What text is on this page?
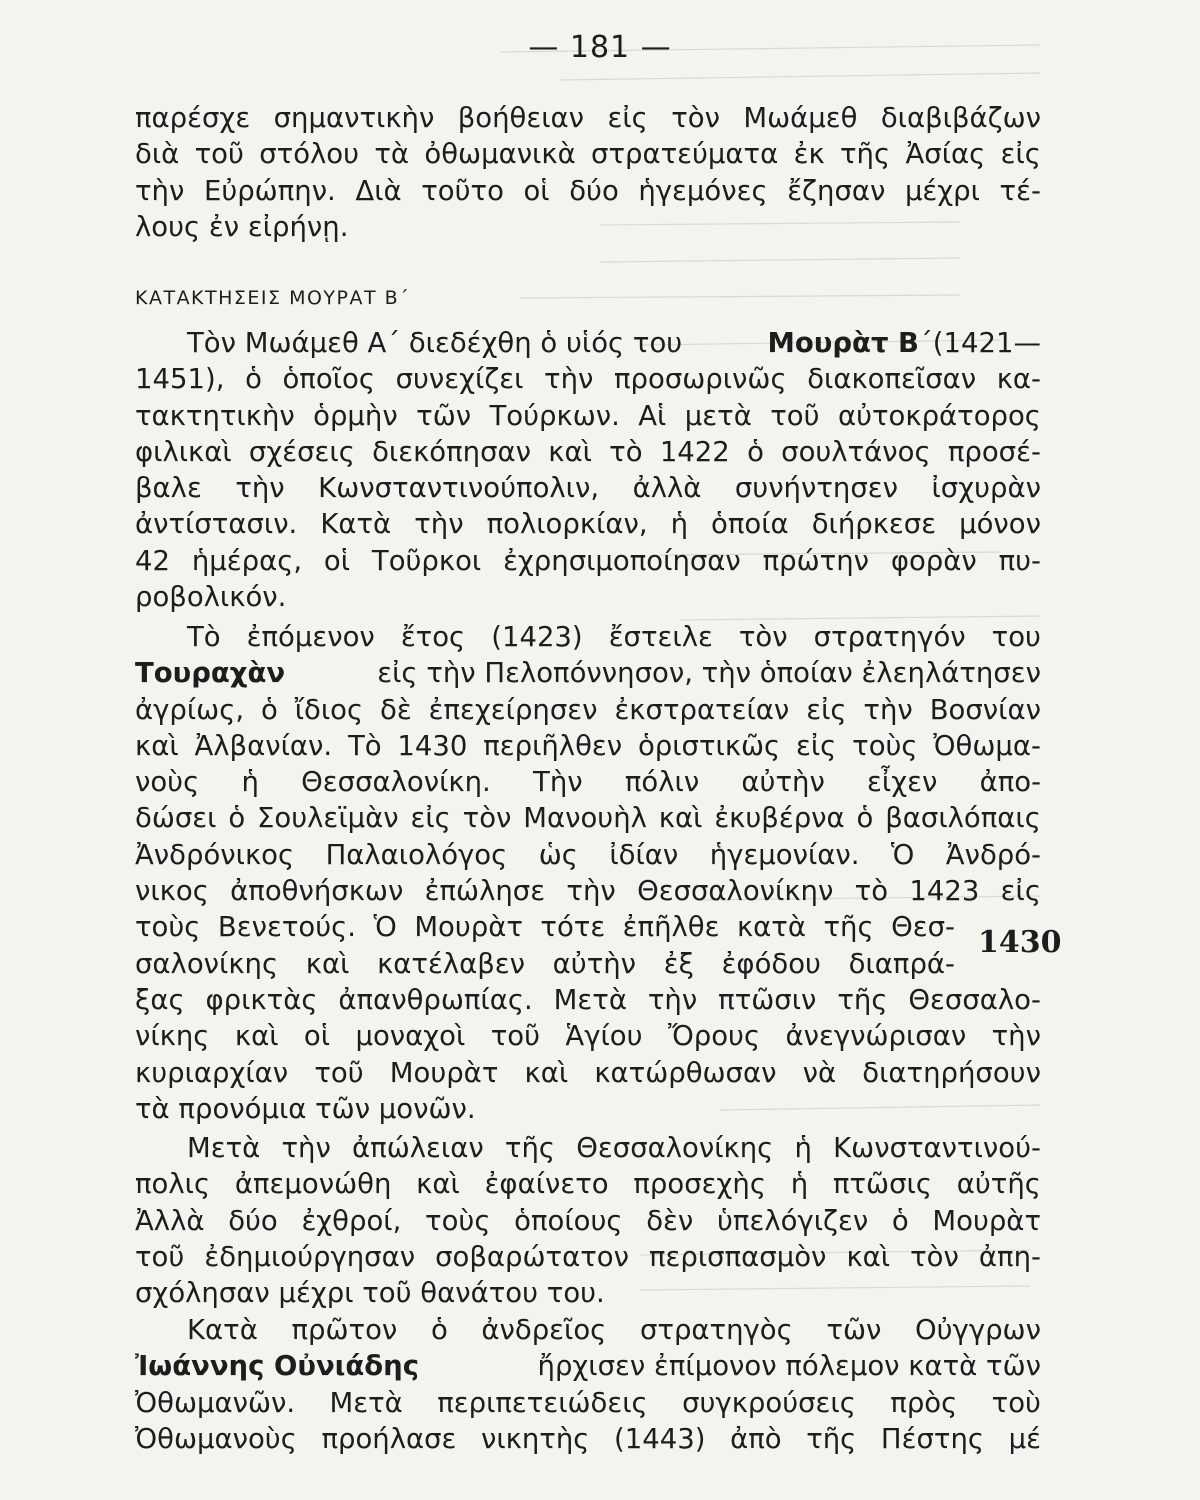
— 181 —
ΚΑΤΑΚΤΗΣΕΙΣ ΜΟΥΡΑΤ Β΄
1430
παρέσχε σημαντικὴν βοήθειαν εἰς τὸν Μωάμεθ διαβιβάζων
διὰ τοῦ στόλου τὰ ὀθωμανικὰ στρατεύματα ἐκ τῆς Ἀσίας εἰς
τὴν Εὐρώπην. Διὰ τοῦτο οἱ δύο ἡγεμόνες ἔζησαν μέχρι τέ-
λους ἐν εἰρήνῃ.
Τὸν Μωάμεθ Α΄ διεδέχθη ὁ υἱός του	Μουρὰτ Β΄(1421—
1451), ὁ ὁποῖος συνεχίζει τὴν προσωρινῶς διακοπεῖσαν κα-
τακτητικὴν ὁρμὴν τῶν Τούρκων. Αἱ μετὰ τοῦ αὐτοκράτορος
φιλικαὶ σχέσεις διεκόπησαν καὶ τὸ 1422 ὁ σουλτάνος προσέ-
βαλε τὴν Κωνσταντινούπολιν, ἀλλὰ συνήντησεν ἰσχυρὰν
ἀντίστασιν. Κατὰ τὴν πολιορκίαν, ἡ ὁποία διήρκεσε μόνον
42 ἡμέρας, οἱ Τοῦρκοι ἐχρησιμοποίησαν πρώτην φορὰν πυ-
ροβολικόν.
Τὸ ἐπόμενον ἔτος (1423) ἔστειλε τὸν στρατηγόν του
Τουραχὰν	εἰς τὴν Πελοπόννησον, τὴν ὁποίαν ἐλεηλάτησεν
ἀγρίως, ὁ ἴδιος δὲ ἐπεχείρησεν ἐκστρατείαν εἰς τὴν Βοσνίαν
καὶ Ἀλβανίαν. Τὸ 1430 περιῆλθεν ὁριστικῶς εἰς τοὺς Ὀθωμα-
νοὺς ἡ Θεσσαλονίκη. Τὴν πόλιν αὐτὴν εἶχεν ἀπο-
δώσει ὁ Σουλεϊμὰν εἰς τὸν Μανουὴλ καὶ ἐκυβέρνα ὁ βασιλόπαις
Ἀνδρόνικος Παλαιολόγος ὡς ἰδίαν ἡγεμονίαν. Ὁ Ἀνδρό-
νικος ἀποθνήσκων ἐπώλησε τὴν Θεσσαλονίκην τὸ 1423 εἰς
τοὺς Βενετούς. Ὁ Μουρὰτ τότε ἐπῆλθε κατὰ τῆς Θεσ-
σαλονίκης καὶ κατέλαβεν αὐτὴν ἐξ ἐφόδου διαπρά-
ξας φρικτὰς ἀπανθρωπίας. Μετὰ τὴν πτῶσιν τῆς Θεσσαλο-
νίκης καὶ οἱ μοναχοὶ τοῦ Ἁγίου Ὄρους ἀνεγνώρισαν τὴν
κυριαρχίαν τοῦ Μουρὰτ καὶ κατώρθωσαν νὰ διατηρήσουν
τὰ προνόμια τῶν μονῶν.
Μετὰ τὴν ἀπώλειαν τῆς Θεσσαλονίκης ἡ Κωνσταντινού-
πολις ἀπεμονώθη καὶ ἐφαίνετο προσεχὴς ἡ πτῶσις αὐτῆς
Ἀλλὰ δύο ἐχθροί, τοὺς ὁποίους δὲν ὑπελόγιζεν ὁ Μουρὰτ
τοῦ ἐδημιούργησαν σοβαρώτατον περισπασμὸν καὶ τὸν ἀπη-
σχόλησαν μέχρι τοῦ θανάτου του.
Κατὰ πρῶτον ὁ ἀνδρεῖος στρατηγὸς τῶν Οὐγγρων
Ἰωάννης Οὐνιάδης	ἤρχισεν ἐπίμονον πόλεμον κατὰ τῶν
Ὀθωμανῶν. Μετὰ περιπετειώδεις συγκρούσεις πρὸς τοὺ
Ὀθωμανοὺς προήλασε νικητὴς (1443) ἀπὸ τῆς Πέστης μέ
